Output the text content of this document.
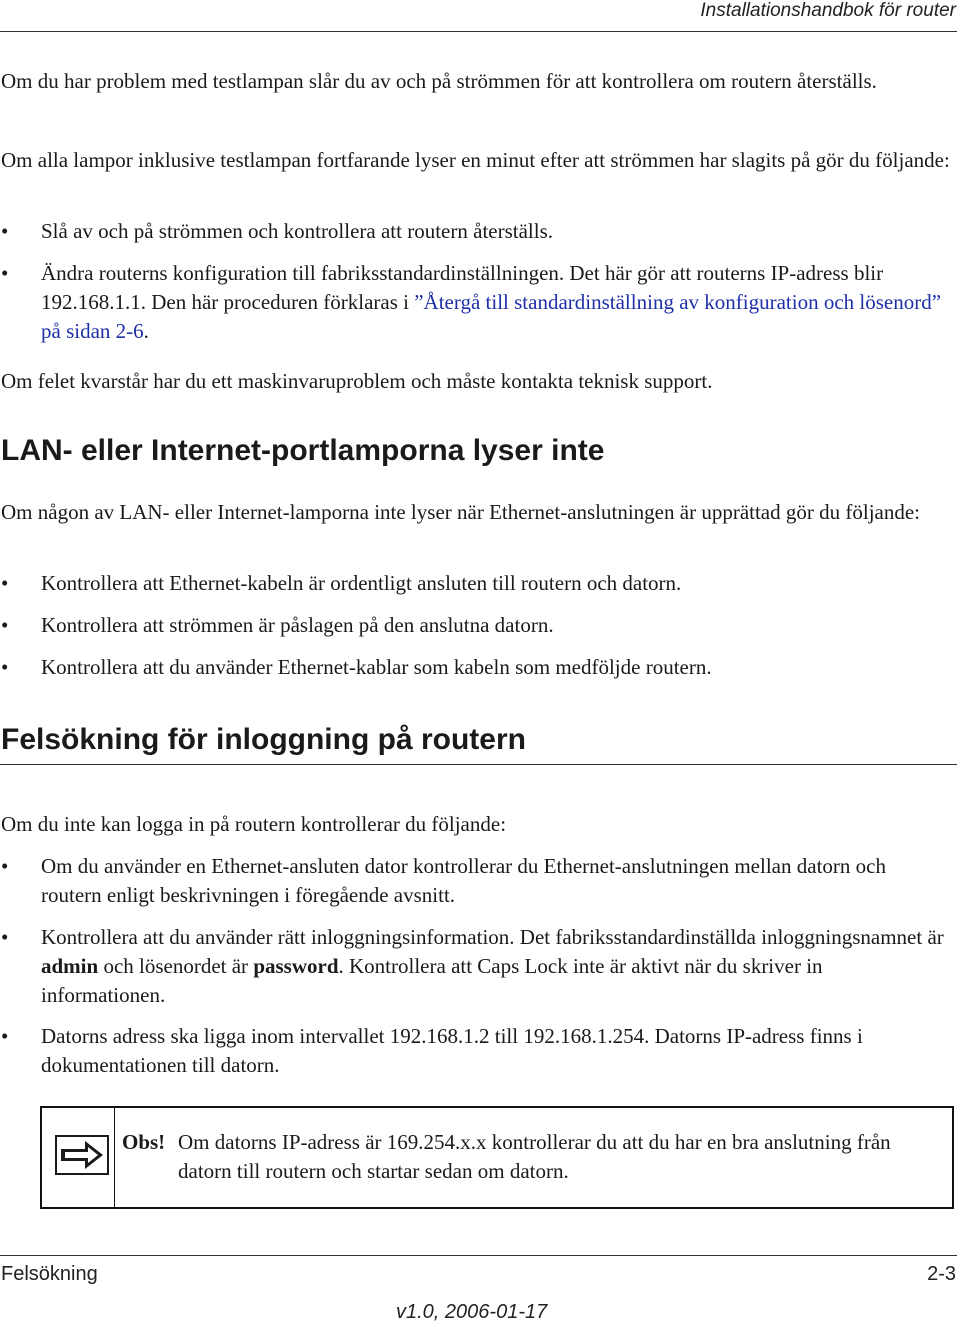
Installationshandbok för router

Om du har problem med testlampan slår du av och på strömmen för att kontrollera om routern återställs.

Om alla lampor inklusive testlampan fortfarande lyser en minut efter att strömmen har slagits på gör du följande:

•	Slå av och på strömmen och kontrollera att routern återställs.
•	Ändra routerns konfiguration till fabriksstandardinställningen. Det här gör att routerns IP-adress blir 192.168.1.1. Den här proceduren förklaras i ”Återgå till standardinställning av konfiguration och lösenord” på sidan 2-6.

Om felet kvarstår har du ett maskinvaruproblem och måste kontakta teknisk support.

LAN- eller Internet-portlamporna lyser inte

Om någon av LAN- eller Internet-lamporna inte lyser när Ethernet-anslutningen är upprättad gör du följande:

•	Kontrollera att Ethernet-kabeln är ordentligt ansluten till routern och datorn.
•	Kontrollera att strömmen är påslagen på den anslutna datorn.
•	Kontrollera att du använder Ethernet-kablar som kabeln som medföljde routern.
Felsökning för inloggning på routern

Om du inte kan logga in på routern kontrollerar du följande:

•	Om du använder en Ethernet-ansluten dator kontrollerar du Ethernet-anslutningen mellan datorn och routern enligt beskrivningen i föregående avsnitt.
•	Kontrollera att du använder rätt inloggningsinformation. Det fabriksstandardinställda inloggningsnamnet är admin och lösenordet är password. Kontrollera att Caps Lock inte är aktivt när du skriver in informationen.
•	Datorns adress ska ligga inom intervallet 192.168.1.2 till 192.168.1.254. Datorns IP-adress finns i dokumentationen till datorn.
Obs! Om datorns IP-adress är 169.254.x.x kontrollerar du att du har en bra anslutning från datorn till routern och startar sedan om datorn.
Felsökning	2-3
v1.0, 2006-01-17
